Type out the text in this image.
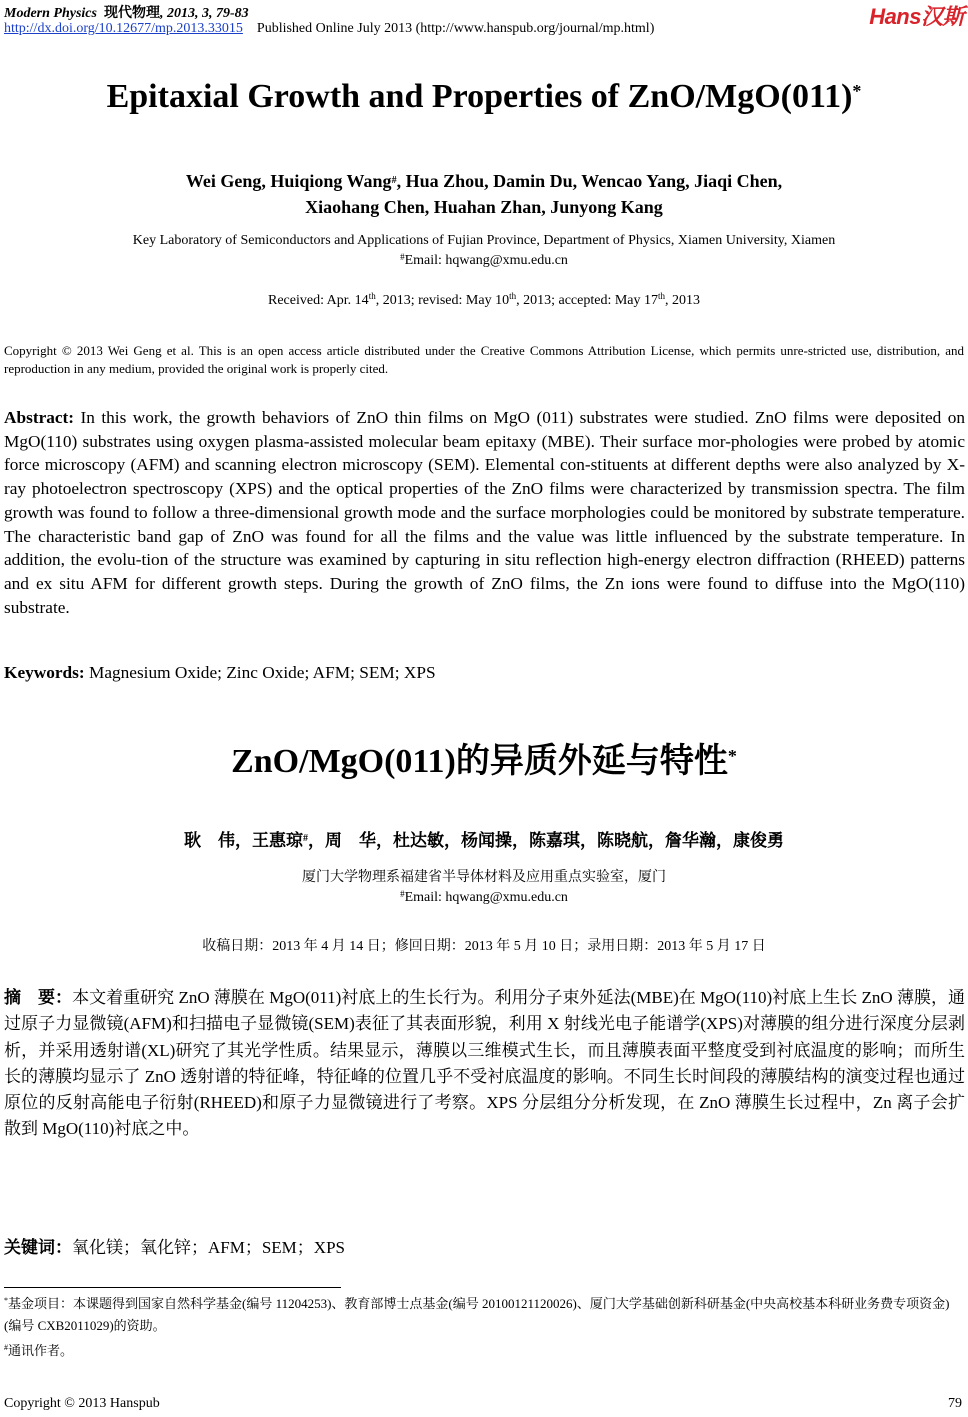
Modern Physics 现代物理, 2013, 3, 79-83
http://dx.doi.org/10.12677/mp.2013.33015 Published Online July 2013 (http://www.hanspub.org/journal/mp.html)	Hans汉斯
Epitaxial Growth and Properties of ZnO/MgO(011)*
Wei Geng, Huiqiong Wang#, Hua Zhou, Damin Du, Wencao Yang, Jiaqi Chen,
Xiaohang Chen, Huahan Zhan, Junyong Kang
Key Laboratory of Semiconductors and Applications of Fujian Province, Department of Physics, Xiamen University, Xiamen
#Email: hqwang@xmu.edu.cn
Received: Apr. 14th, 2013; revised: May 10th, 2013; accepted: May 17th, 2013
Copyright © 2013 Wei Geng et al. This is an open access article distributed under the Creative Commons Attribution License, which permits unre-stricted use, distribution, and reproduction in any medium, provided the original work is properly cited.
Abstract: In this work, the growth behaviors of ZnO thin films on MgO (011) substrates were studied. ZnO films were deposited on MgO(110) substrates using oxygen plasma-assisted molecular beam epitaxy (MBE). Their surface mor-phologies were probed by atomic force microscopy (AFM) and scanning electron microscopy (SEM). Elemental con-stituents at different depths were also analyzed by X-ray photoelectron spectroscopy (XPS) and the optical properties of the ZnO films were characterized by transmission spectra. The film growth was found to follow a three-dimensional growth mode and the surface morphologies could be monitored by substrate temperature. The characteristic band gap of ZnO was found for all the films and the value was little influenced by the substrate temperature. In addition, the evolu-tion of the structure was examined by capturing in situ reflection high-energy electron diffraction (RHEED) patterns and ex situ AFM for different growth steps. During the growth of ZnO films, the Zn ions were found to diffuse into the MgO(110) substrate.
Keywords: Magnesium Oxide; Zinc Oxide; AFM; SEM; XPS
ZnO/MgO(011)的异质外延与特性*
耿　伟，王惠琼#，周　华，杜达敏，杨闻操，陈嘉琪，陈晓航，詹华瀚，康俊勇
厦门大学物理系福建省半导体材料及应用重点实验室，厦门
#Email: hqwang@xmu.edu.cn
收稿日期：2013 年 4 月 14 日；修回日期：2013 年 5 月 10 日；录用日期：2013 年 5 月 17 日
摘　要：本文着重研究 ZnO 薄膜在 MgO(011)衬底上的生长行为。利用分子束外延法(MBE)在 MgO(110)衬底上生长 ZnO 薄膜，通过原子力显微镜(AFM)和扫描电子显微镜(SEM)表征了其表面形貌，利用 X 射线光电子能谱学(XPS)对薄膜的组分进行深度分层剥析，并采用透射谱(XL)研究了其光学性质。结果显示，薄膜以三维模式生长，而且薄膜表面平整度受到衬底温度的影响；而所生长的薄膜均显示了 ZnO 透射谱的特征峰，特征峰的位置几乎不受衬底温度的影响。不同生长时间段的薄膜结构的演变过程也通过原位的反射高能电子衍射(RHEED)和原子力显微镜进行了考察。XPS 分层组分分析发现，在 ZnO 薄膜生长过程中，Zn 离子会扩散到 MgO(110)衬底之中。
关键词：氧化镁；氧化锌；AFM；SEM；XPS
*基金项目：本课题得到国家自然科学基金(编号 11204253)、教育部博士点基金(编号 20100121120026)、厦门大学基础创新科研基金(中央高校基本科研业务费专项资金)(编号 CXB2011029)的资助。
#通讯作者。
Copyright © 2013 Hanspub	79
